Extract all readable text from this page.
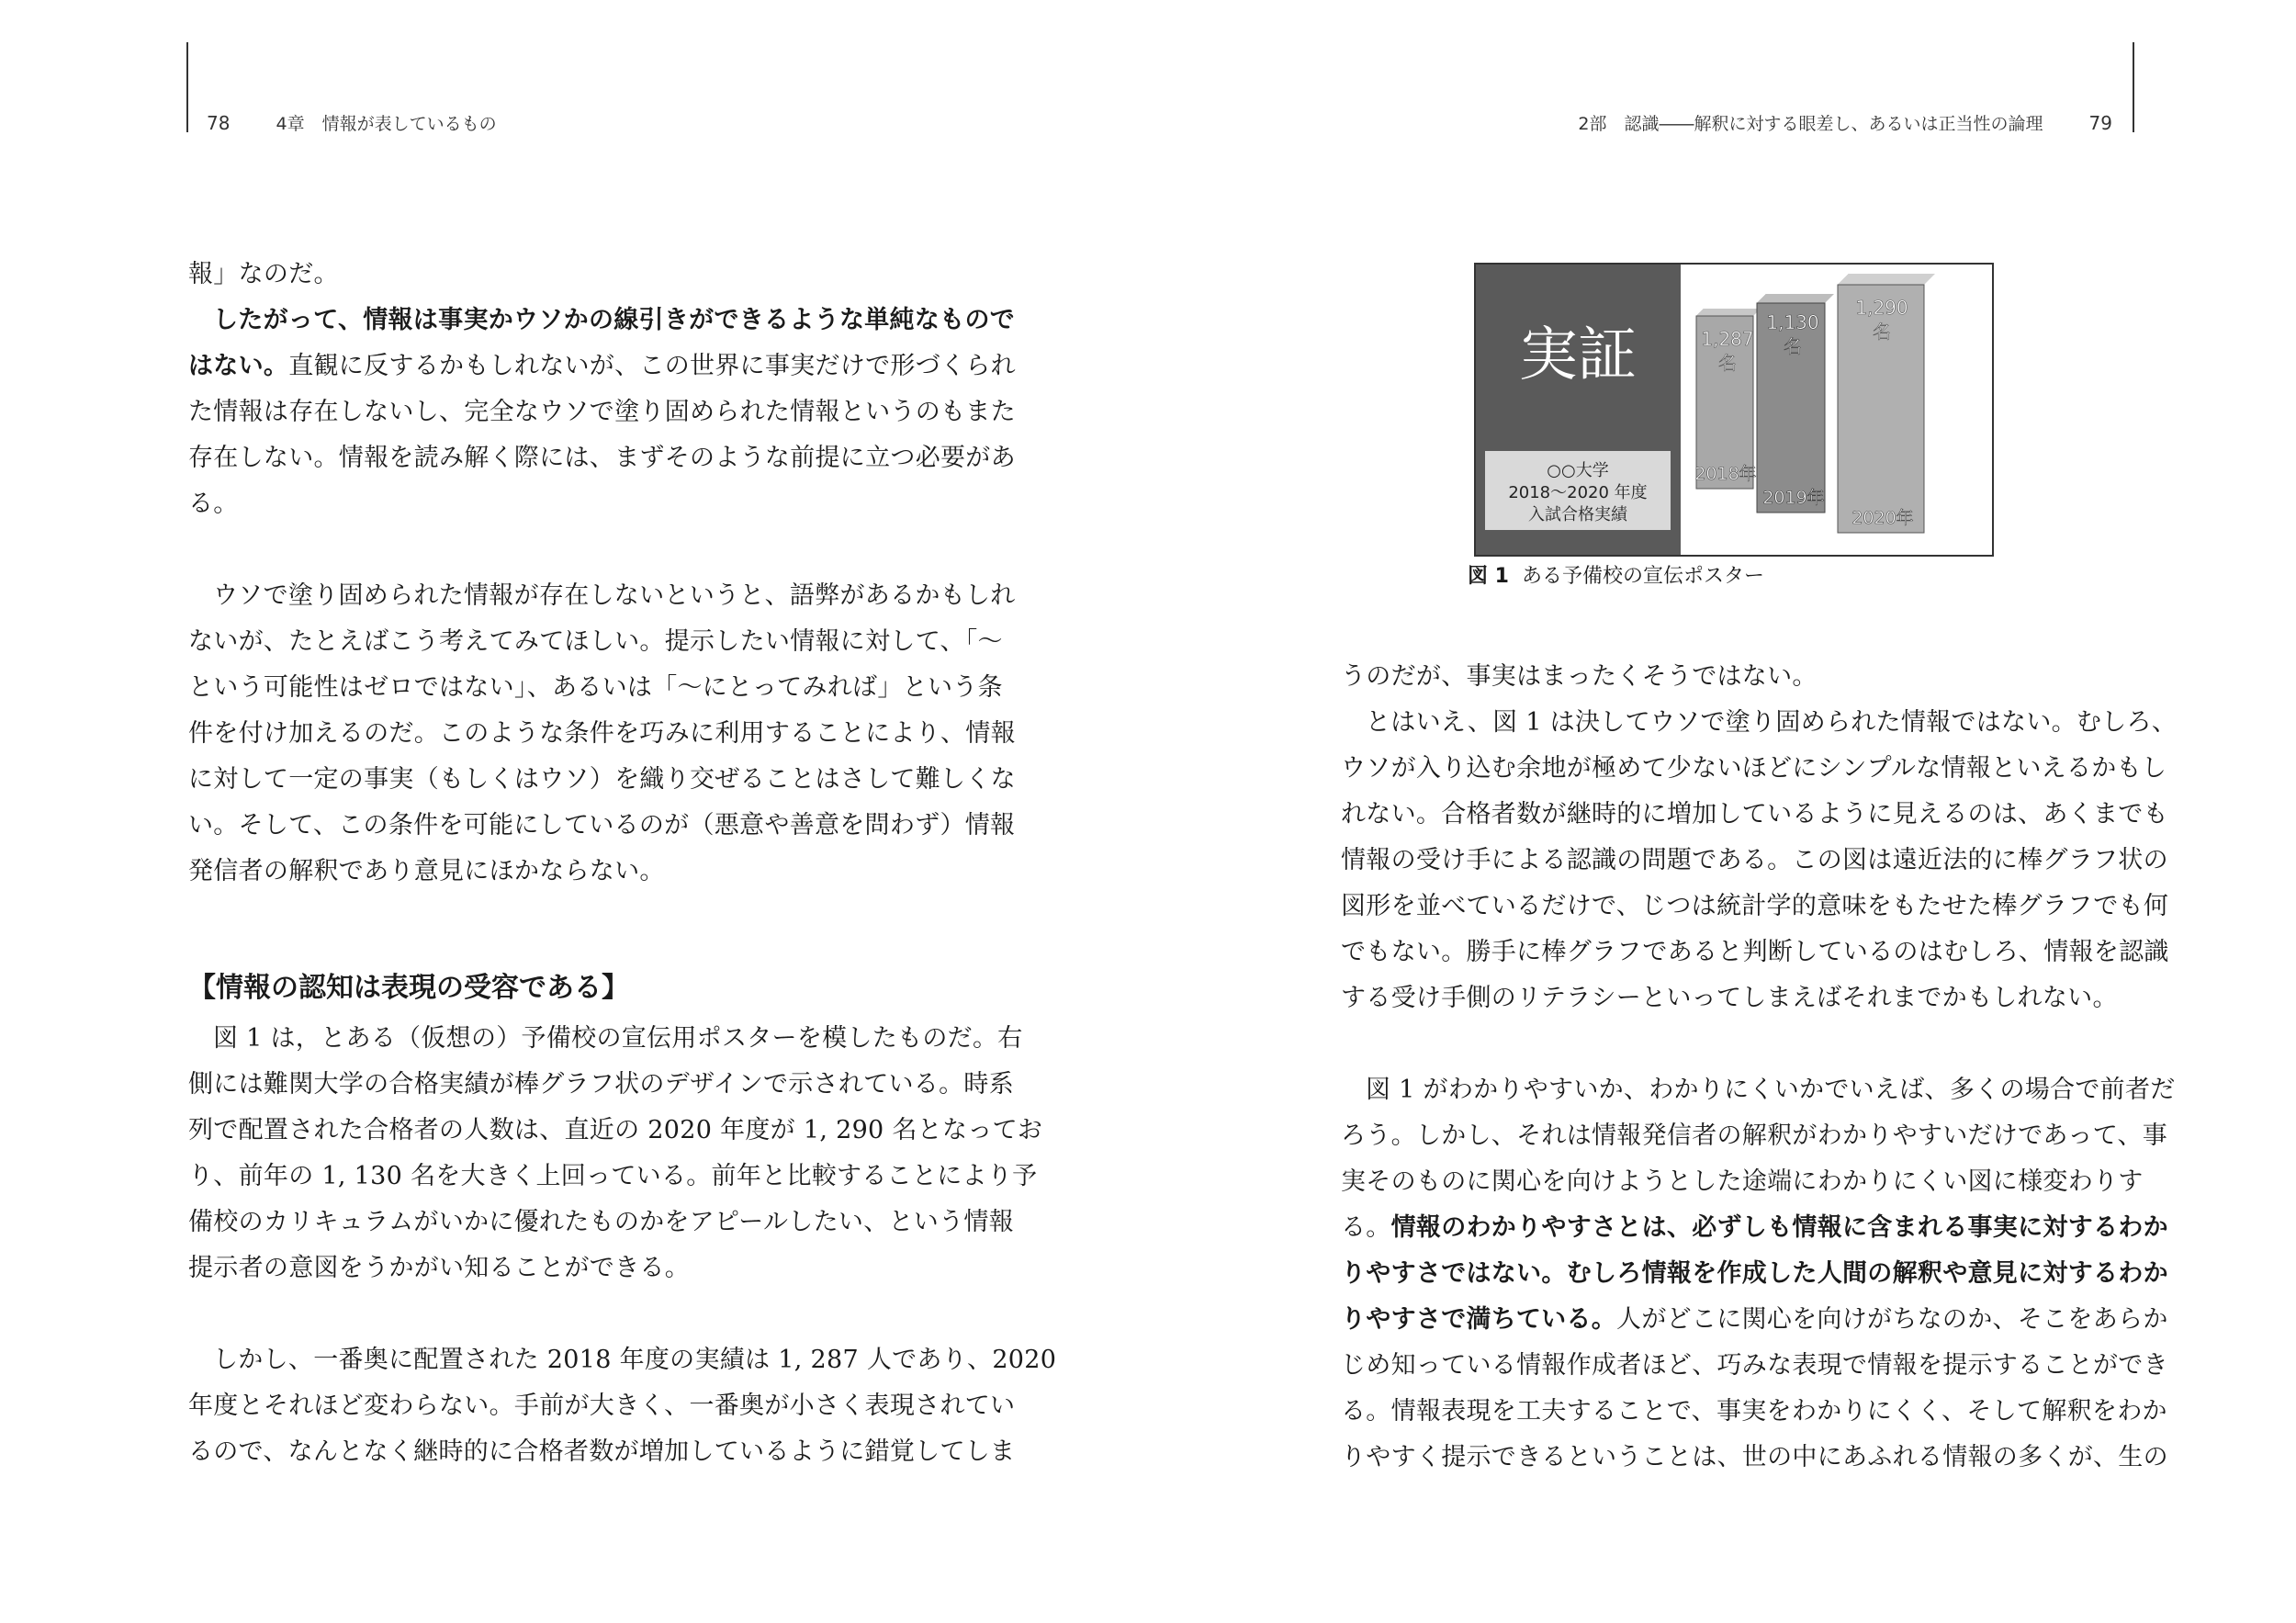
78	4章　情報が表しているもの	2部　認識――解釈に対する眼差し、あるいは正当性の論理	79
報」なのだ。
したがって、情報は事実かウソかの線引きができるような単純なもので
はない。直観に反するかもしれないが、この世界に事実だけで形づくられ
た情報は存在しないし、完全なウソで塗り固められた情報というのもまた
存在しない。情報を読み解く際には、まずそのような前提に立つ必要があ
る。
ウソで塗り固められた情報が存在しないというと、語弊があるかもしれ
ないが、たとえばこう考えてみてほしい。提示したい情報に対して、「〜
という可能性はゼロではない」、あるいは「〜にとってみれば」という条
件を付け加えるのだ。このような条件を巧みに利用することにより、情報
に対して一定の事実（もしくはウソ）を織り交ぜることはさして難しくな
い。そして、この条件を可能にしているのが（悪意や善意を問わず）情報
発信者の解釈であり意見にほかならない。
【情報の認知は表現の受容である】
図 1 は，とある（仮想の）予備校の宣伝用ポスターを模したものだ。右
側には難関大学の合格実績が棒グラフ状のデザインで示されている。時系
列で配置された合格者の人数は、直近の 2020 年度が 1, 290 名となってお
り、前年の 1, 130 名を大きく上回っている。前年と比較することにより予
備校のカリキュラムがいかに優れたものかをアピールしたい、という情報
提示者の意図をうかがい知ることができる。
しかし、一番奥に配置された 2018 年度の実績は 1, 287 人であり、2020
年度とそれほど変わらない。手前が大きく、一番奥が小さく表現されてい
るので、なんとなく継時的に合格者数が増加しているように錯覚してしま
実証
○○大学
2018〜2020 年度
入試合格実績
1,287
名
2018年
1,130
名
2019年
1,290
名
2020年
図 1 ある予備校の宣伝ポスター
うのだが、事実はまったくそうではない。
とはいえ、図 1 は決してウソで塗り固められた情報ではない。むしろ、
ウソが入り込む余地が極めて少ないほどにシンプルな情報といえるかもし
れない。合格者数が継時的に増加しているように見えるのは、あくまでも
情報の受け手による認識の問題である。この図は遠近法的に棒グラフ状の
図形を並べているだけで、じつは統計学的意味をもたせた棒グラフでも何
でもない。勝手に棒グラフであると判断しているのはむしろ、情報を認識
する受け手側のリテラシーといってしまえばそれまでかもしれない。
図 1 がわかりやすいか、わかりにくいかでいえば、多くの場合で前者だ
ろう。しかし、それは情報発信者の解釈がわかりやすいだけであって、事
実そのものに関心を向けようとした途端にわかりにくい図に様変わりす
る。情報のわかりやすさとは、必ずしも情報に含まれる事実に対するわか
りやすさではない。むしろ情報を作成した人間の解釈や意見に対するわか
りやすさで満ちている。人がどこに関心を向けがちなのか、そこをあらか
じめ知っている情報作成者ほど、巧みな表現で情報を提示することができ
る。情報表現を工夫することで、事実をわかりにくく、そして解釈をわか
りやすく提示できるということは、世の中にあふれる情報の多くが、生の
